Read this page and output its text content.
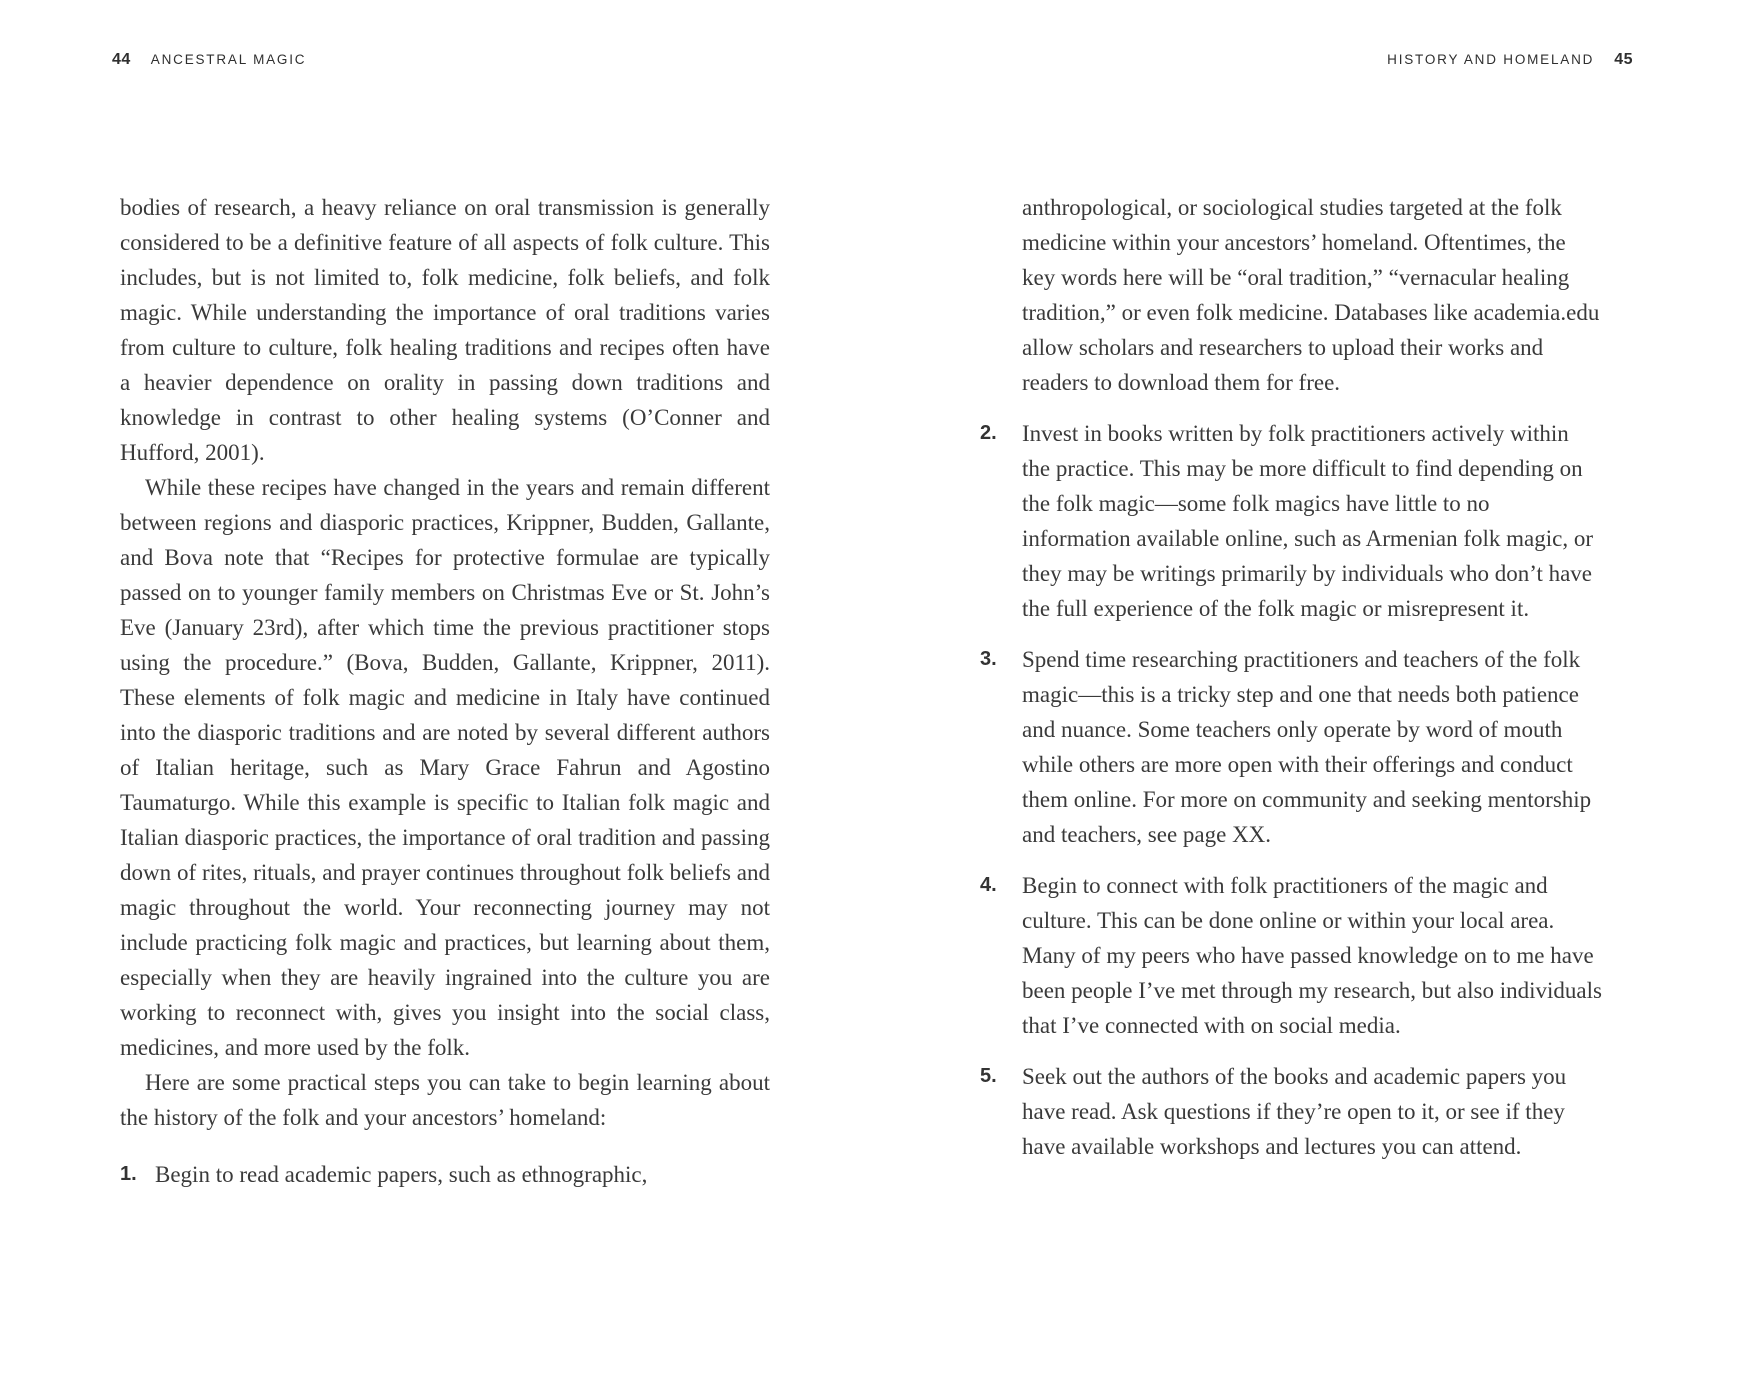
44 ANCESTRAL MAGIC	HISTORY AND HOMELAND 45

bodies of research, a heavy reliance on oral transmission is generally considered to be a definitive feature of all aspects of folk culture. This includes, but is not limited to, folk medicine, folk beliefs, and folk magic. While understanding the importance of oral traditions varies from culture to culture, folk healing traditions and recipes often have a heavier dependence on orality in passing down traditions and knowledge in contrast to other healing systems (O’Conner and Hufford, 2001).

While these recipes have changed in the years and remain different between regions and diasporic practices, Krippner, Budden, Gallante, and Bova note that “Recipes for protective formulae are typically passed on to younger family members on Christmas Eve or St. John’s Eve (January 23rd), after which time the previous practitioner stops using the procedure.” (Bova, Budden, Gallante, Krippner, 2011). These elements of folk magic and medicine in Italy have continued into the diasporic traditions and are noted by several different authors of Italian heritage, such as Mary Grace Fahrun and Agostino Taumaturgo. While this example is specific to Italian folk magic and Italian diasporic practices, the importance of oral tradition and passing down of rites, rituals, and prayer continues throughout folk beliefs and magic throughout the world. Your reconnecting journey may not include practicing folk magic and practices, but learning about them, especially when they are heavily ingrained into the culture you are working to reconnect with, gives you insight into the social class, medicines, and more used by the folk.

Here are some practical steps you can take to begin learning about the history of the folk and your ancestors’ homeland:

1. Begin to read academic papers, such as ethnographic,
anthropological, or sociological studies targeted at the folk medicine within your ancestors’ homeland. Oftentimes, the key words here will be “oral tradition,” “vernacular healing tradition,” or even folk medicine. Databases like academia.edu allow scholars and researchers to upload their works and readers to download them for free.
2.	Invest in books written by folk practitioners actively within the practice. This may be more difficult to find depending on the folk magic—some folk magics have little to no information available online, such as Armenian folk magic, or they may be writings primarily by individuals who don’t have the full experience of the folk magic or misrepresent it.
3.	Spend time researching practitioners and teachers of the folk magic—this is a tricky step and one that needs both patience and nuance. Some teachers only operate by word of mouth while others are more open with their offerings and conduct them online. For more on community and seeking mentorship and teachers, see page XX.
4.	Begin to connect with folk practitioners of the magic and culture. This can be done online or within your local area. Many of my peers who have passed knowledge on to me have been people I’ve met through my research, but also individuals that I’ve connected with on social media.
5.	Seek out the authors of the books and academic papers you have read. Ask questions if they’re open to it, or see if they have available workshops and lectures you can attend.
